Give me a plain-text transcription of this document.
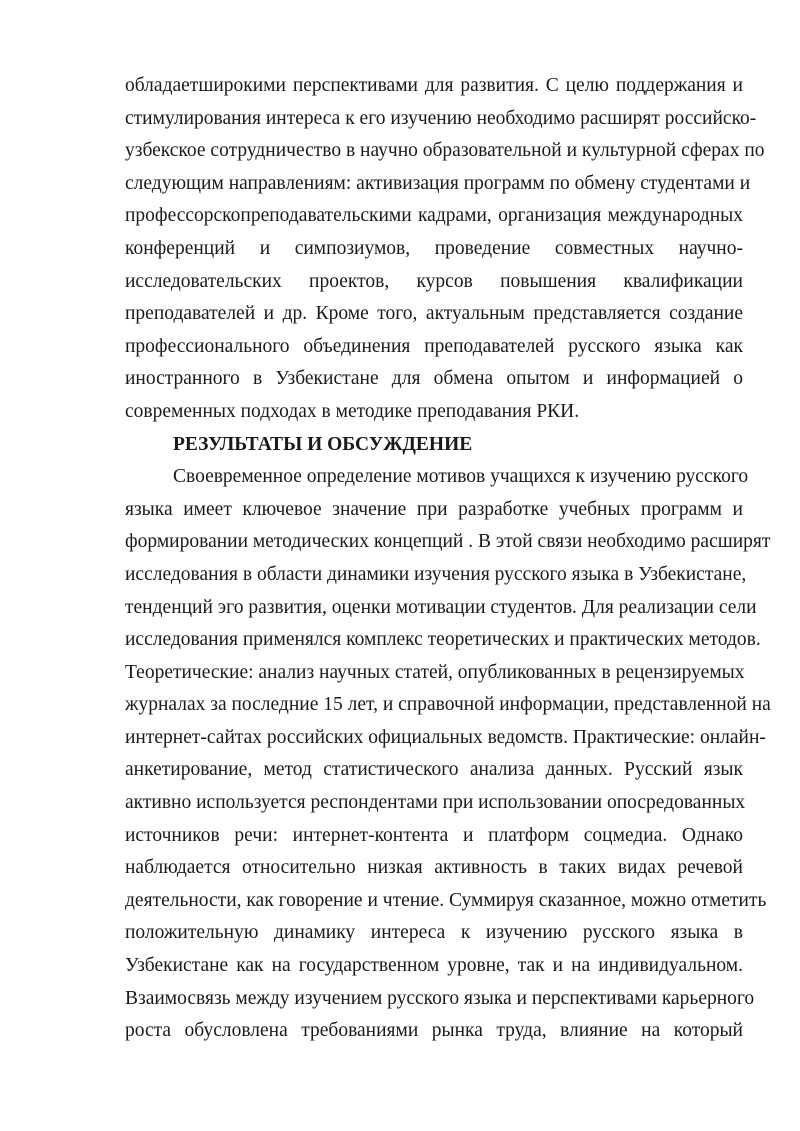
обладаетширокими перспективами для развития. С целю поддержания и
стимулирования интереса к его изучению необходимо расширят российско-
узбекское сотрудничество в научно образовательной и культурной сферах по
следующим направлениям: активизация программ по обмену студентами и
профессорскопреподавательскими кадрами, организация международных
конференций и симпозиумов, проведение совместных научно-
исследовательских проектов, курсов повышения квалификации
преподавателей и др. Кроме того, актуальным представляется создание
профессионального объединения преподавателей русского языка как
иностранного в Узбекистане для обмена опытом и информацией о
современных подходах в методике преподавания РКИ.

РЕЗУЛЬТАТЫ И ОБСУЖДЕНИЕ

Своевременное определение мотивов учащихся к изучению русского
языка имеет ключевое значение при разработке учебных программ и
формировании методических концепций . В этой связи необходимо расширят
исследования в области динамики изучения русского языка в Узбекистане,
тенденций эго развития, оценки мотивации студентов. Для реализации сели
исследования применялся комплекс теоретических и практических методов.
Теоретические: анализ научных статей, опубликованных в рецензируемых
журналах за последние 15 лет, и справочной информации, представленной на
интернет-сайтах российских официальных ведомств. Практические: онлайн-
анкетирование, метод статистического анализа данных. Русский язык
активно используется респондентами при использовании опосредованных
источников речи: интернет-контента и платформ соцмедиа. Однако
наблюдается относительно низкая активность в таких видах речевой
деятельности, как говорение и чтение. Суммируя сказанное, можно отметить
положительную динамику интереса к изучению русского языка в
Узбекистане как на государственном уровне, так и на индивидуальном.
Взаимосвязь между изучением русского языка и перспективами карьерного
роста обусловлена требованиями рынка труда, влияние на который
